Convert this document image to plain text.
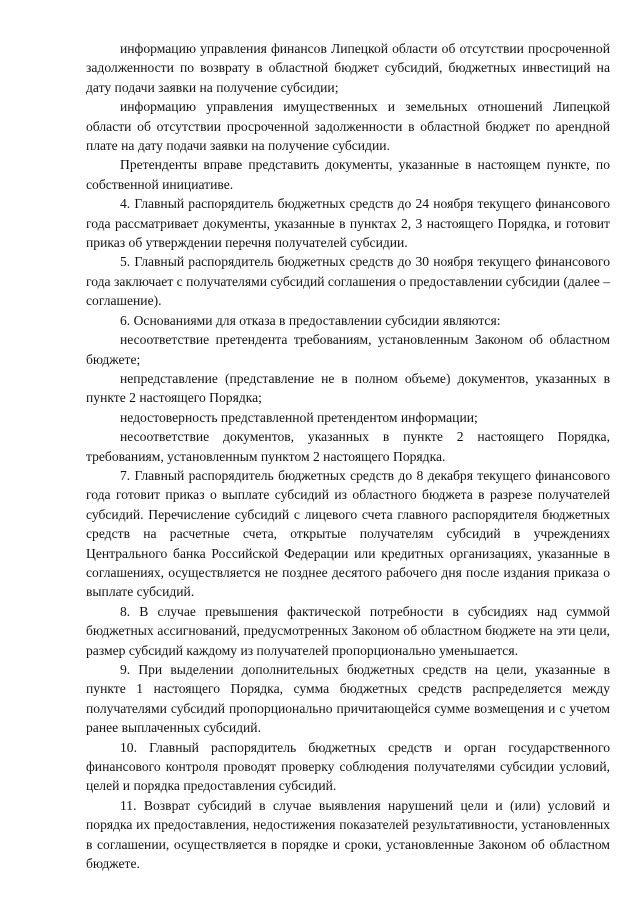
информацию управления финансов Липецкой области об отсутствии просроченной задолженности по возврату в областной бюджет субсидий, бюджетных инвестиций на дату подачи заявки на получение субсидии;

информацию управления имущественных и земельных отношений Липецкой области об отсутствии просроченной задолженности в областной бюджет по арендной плате на дату подачи заявки на получение субсидии.

Претенденты вправе представить документы, указанные в настоящем пункте, по собственной инициативе.

4. Главный распорядитель бюджетных средств до 24 ноября текущего финансового года рассматривает документы, указанные в пунктах 2, 3 настоящего Порядка, и готовит приказ об утверждении перечня получателей субсидии.

5. Главный распорядитель бюджетных средств до 30 ноября текущего финансового года заключает с получателями субсидий соглашения о предоставлении субсидии (далее – соглашение).

6. Основаниями для отказа в предоставлении субсидии являются:

несоответствие претендента требованиям, установленным Законом об областном бюджете;

непредставление (представление не в полном объеме) документов, указанных в пункте 2 настоящего Порядка;

недостоверность представленной претендентом информации;

несоответствие документов, указанных в пункте 2 настоящего Порядка, требованиям, установленным пунктом 2 настоящего Порядка.

7. Главный распорядитель бюджетных средств до 8 декабря текущего финансового года готовит приказ о выплате субсидий из областного бюджета в разрезе получателей субсидий. Перечисление субсидий с лицевого счета главного распорядителя бюджетных средств на расчетные счета, открытые получателям субсидий в учреждениях Центрального банка Российской Федерации или кредитных организациях, указанные в соглашениях, осуществляется не позднее десятого рабочего дня после издания приказа о выплате субсидий.

8. В случае превышения фактической потребности в субсидиях над суммой бюджетных ассигнований, предусмотренных Законом об областном бюджете на эти цели, размер субсидий каждому из получателей пропорционально уменьшается.

9. При выделении дополнительных бюджетных средств на цели, указанные в пункте 1 настоящего Порядка, сумма бюджетных средств распределяется между получателями субсидий пропорционально причитающейся сумме возмещения и с учетом ранее выплаченных субсидий.

10. Главный распорядитель бюджетных средств и орган государственного финансового контроля проводят проверку соблюдения получателями субсидии условий, целей и порядка предоставления субсидий.

11. Возврат субсидий в случае выявления нарушений цели и (или) условий и порядка их предоставления, недостижения показателей результативности, установленных в соглашении, осуществляется в порядке и сроки, установленные Законом об областном бюджете.
